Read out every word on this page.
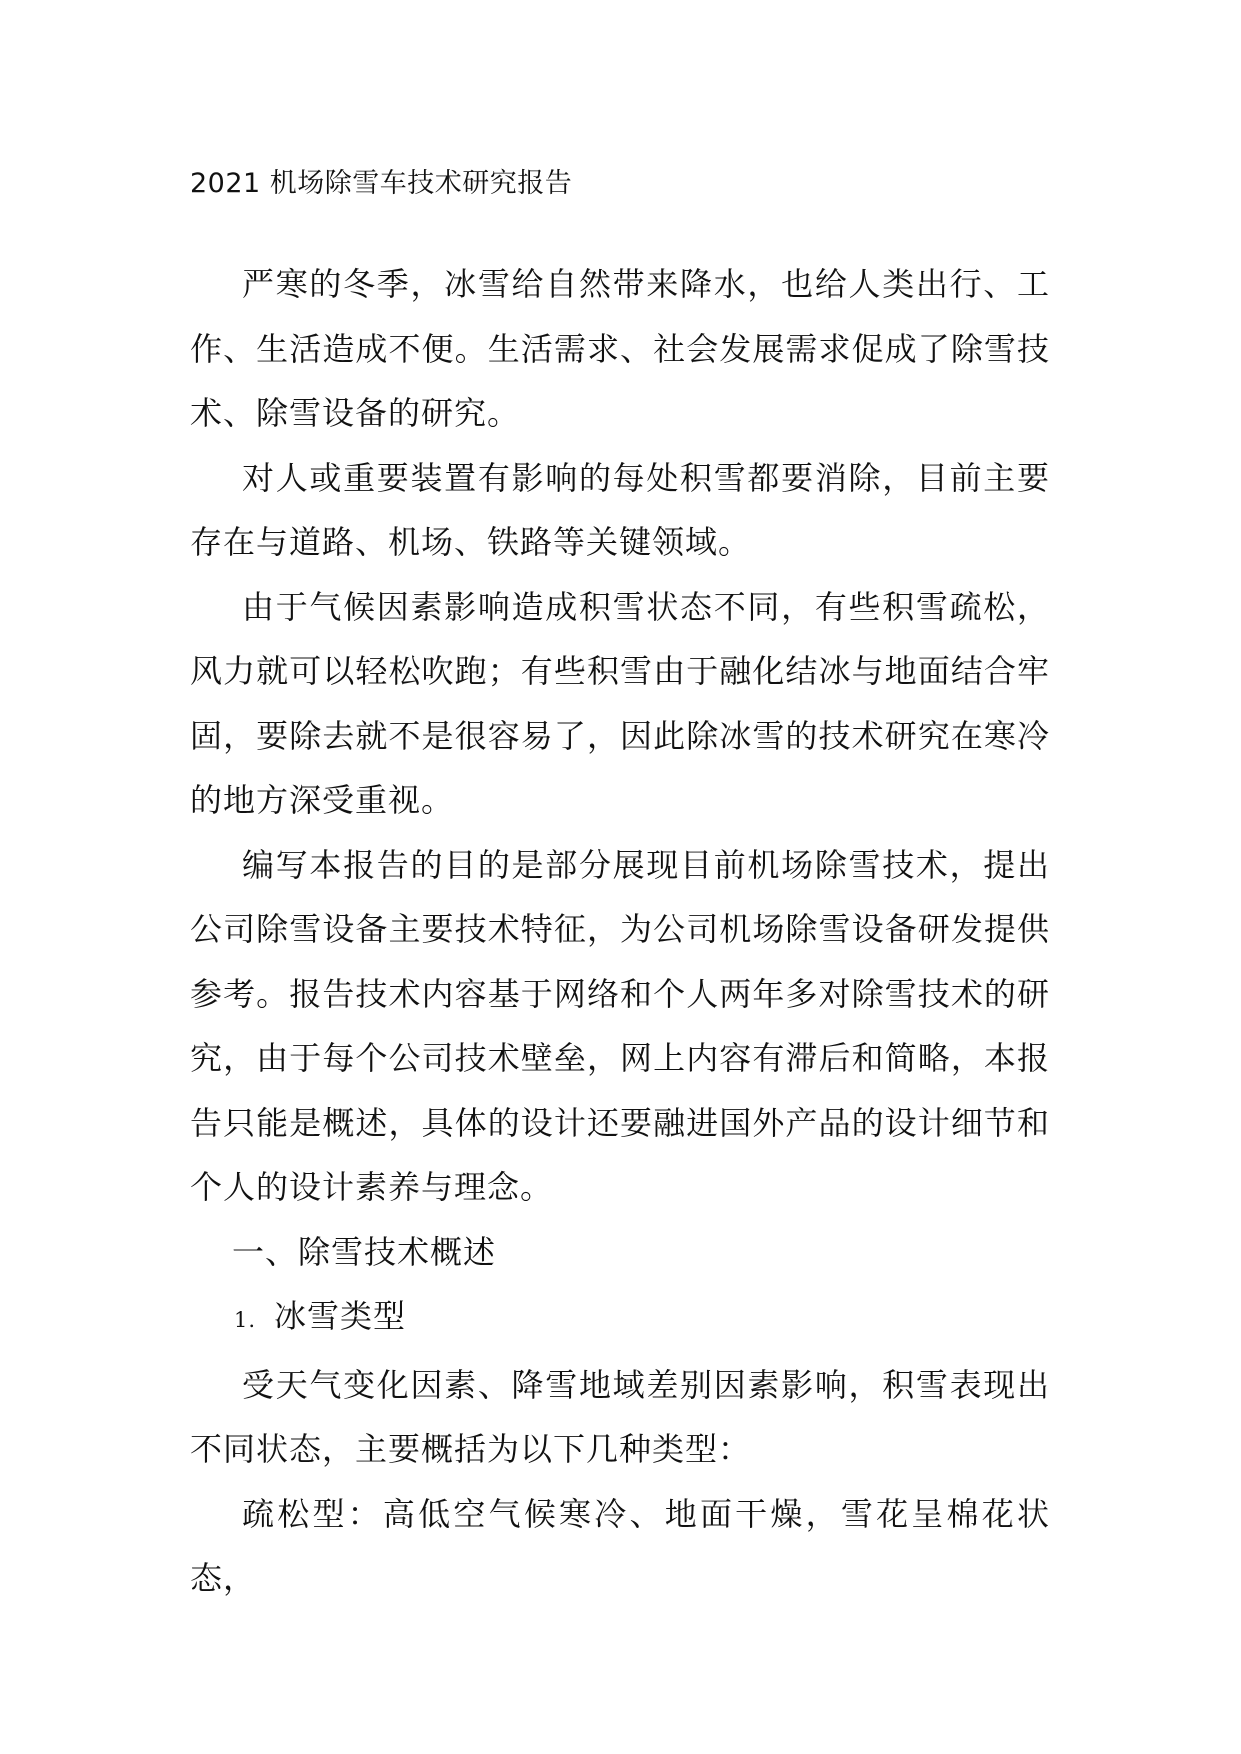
2021 机场除雪车技术研究报告

严寒的冬季，冰雪给自然带来降水，也给人类出行、工作、生活造成不便。生活需求、社会发展需求促成了除雪技术、除雪设备的研究。

对人或重要装置有影响的每处积雪都要消除，目前主要存在与道路、机场、铁路等关键领域。

由于气候因素影响造成积雪状态不同，有些积雪疏松，风力就可以轻松吹跑；有些积雪由于融化结冰与地面结合牢固，要除去就不是很容易了，因此除冰雪的技术研究在寒冷的地方深受重视。

编写本报告的目的是部分展现目前机场除雪技术，提出公司除雪设备主要技术特征，为公司机场除雪设备研发提供参考。报告技术内容基于网络和个人两年多对除雪技术的研究，由于每个公司技术壁垒，网上内容有滞后和简略，本报告只能是概述，具体的设计还要融进国外产品的设计细节和个人的设计素养与理念。

一、除雪技术概述
1. 冰雪类型

受天气变化因素、降雪地域差别因素影响，积雪表现出不同状态，主要概括为以下几种类型：

疏松型：高低空气候寒冷、地面干燥，雪花呈棉花状态，
